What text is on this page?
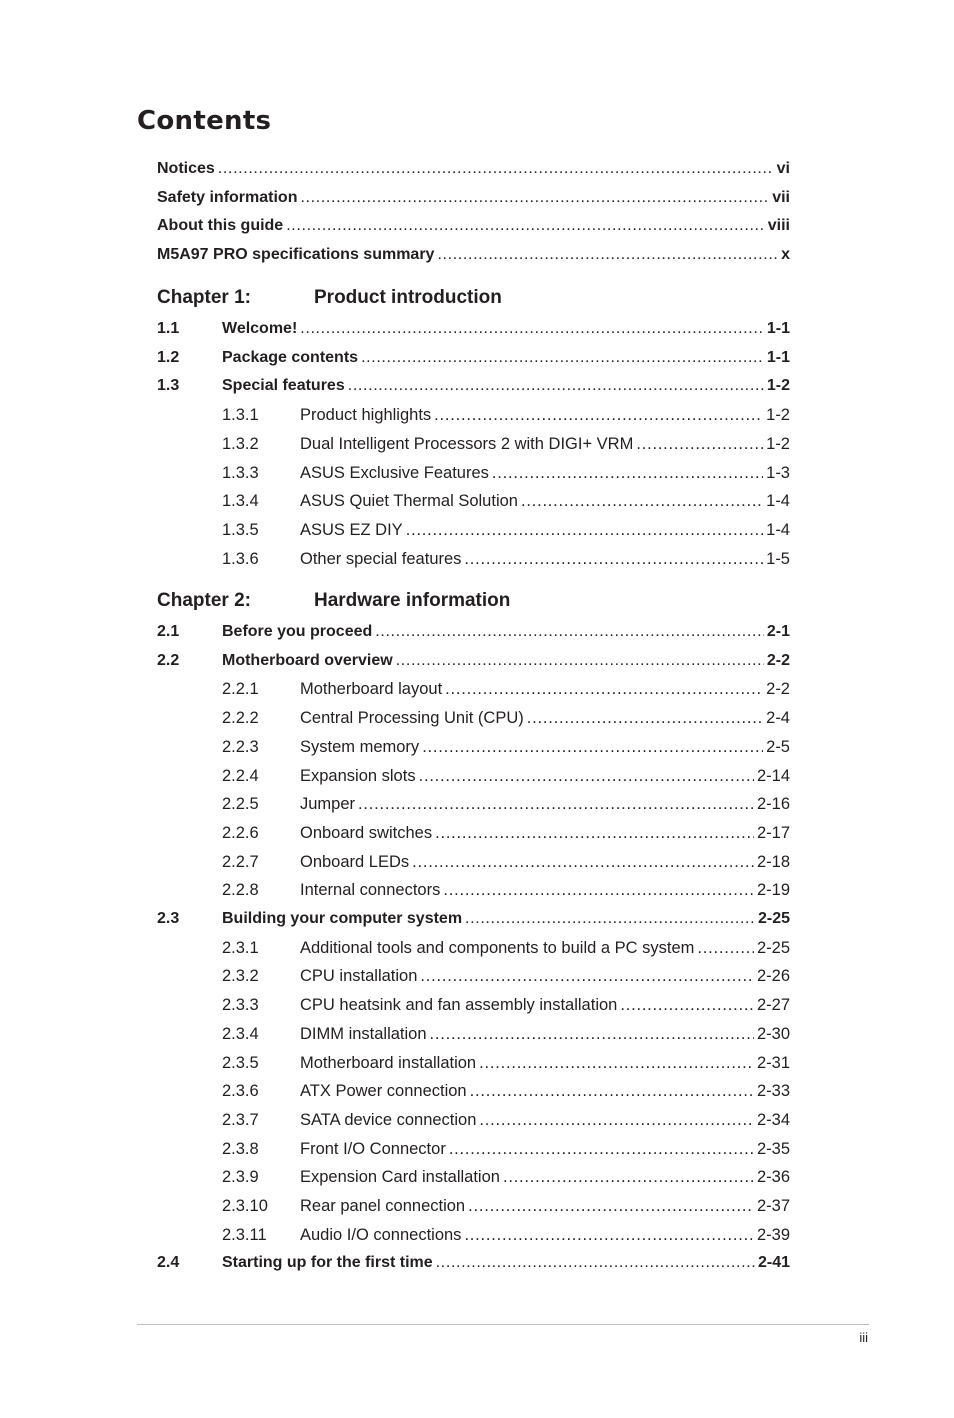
Contents
Notices . . .	vi
Safety information . . .	vii
About this guide . . .	viii
M5A97 PRO specifications summary . . .	x
Chapter 1:	Product introduction
1.1	Welcome! . . .	1-1
1.2	Package contents . . .	1-1
1.3	Special features . . .	1-2
1.3.1	Product highlights . . .	1-2
1.3.2	Dual Intelligent Processors 2 with DIGI+ VRM . . .	1-2
1.3.3	ASUS Exclusive Features . . .	1-3
1.3.4	ASUS Quiet Thermal Solution . . .	1-4
1.3.5	ASUS EZ DIY . . .	1-4
1.3.6	Other special features . . .	1-5
Chapter 2:	Hardware information
2.1	Before you proceed . . .	2-1
2.2	Motherboard overview . . .	2-2
2.2.1	Motherboard layout . . .	2-2
2.2.2	Central Processing Unit (CPU) . . .	2-4
2.2.3	System memory . . .	2-5
2.2.4	Expansion slots . . .	2-14
2.2.5	Jumper . . .	2-16
2.2.6	Onboard switches . . .	2-17
2.2.7	Onboard LEDs . . .	2-18
2.2.8	Internal connectors . . .	2-19
2.3	Building your computer system . . .	2-25
2.3.1	Additional tools and components to build a PC system . . .	2-25
2.3.2	CPU installation . . .	2-26
2.3.3	CPU heatsink and fan assembly installation . . .	2-27
2.3.4	DIMM installation . . .	2-30
2.3.5	Motherboard installation . . .	2-31
2.3.6	ATX Power connection . . .	2-33
2.3.7	SATA device connection . . .	2-34
2.3.8	Front I/O Connector . . .	2-35
2.3.9	Expension Card installation . . .	2-36
2.3.10	Rear panel connection . . .	2-37
2.3.11	Audio I/O connections . . .	2-39
2.4	Starting up for the first time . . .	2-41
iii
